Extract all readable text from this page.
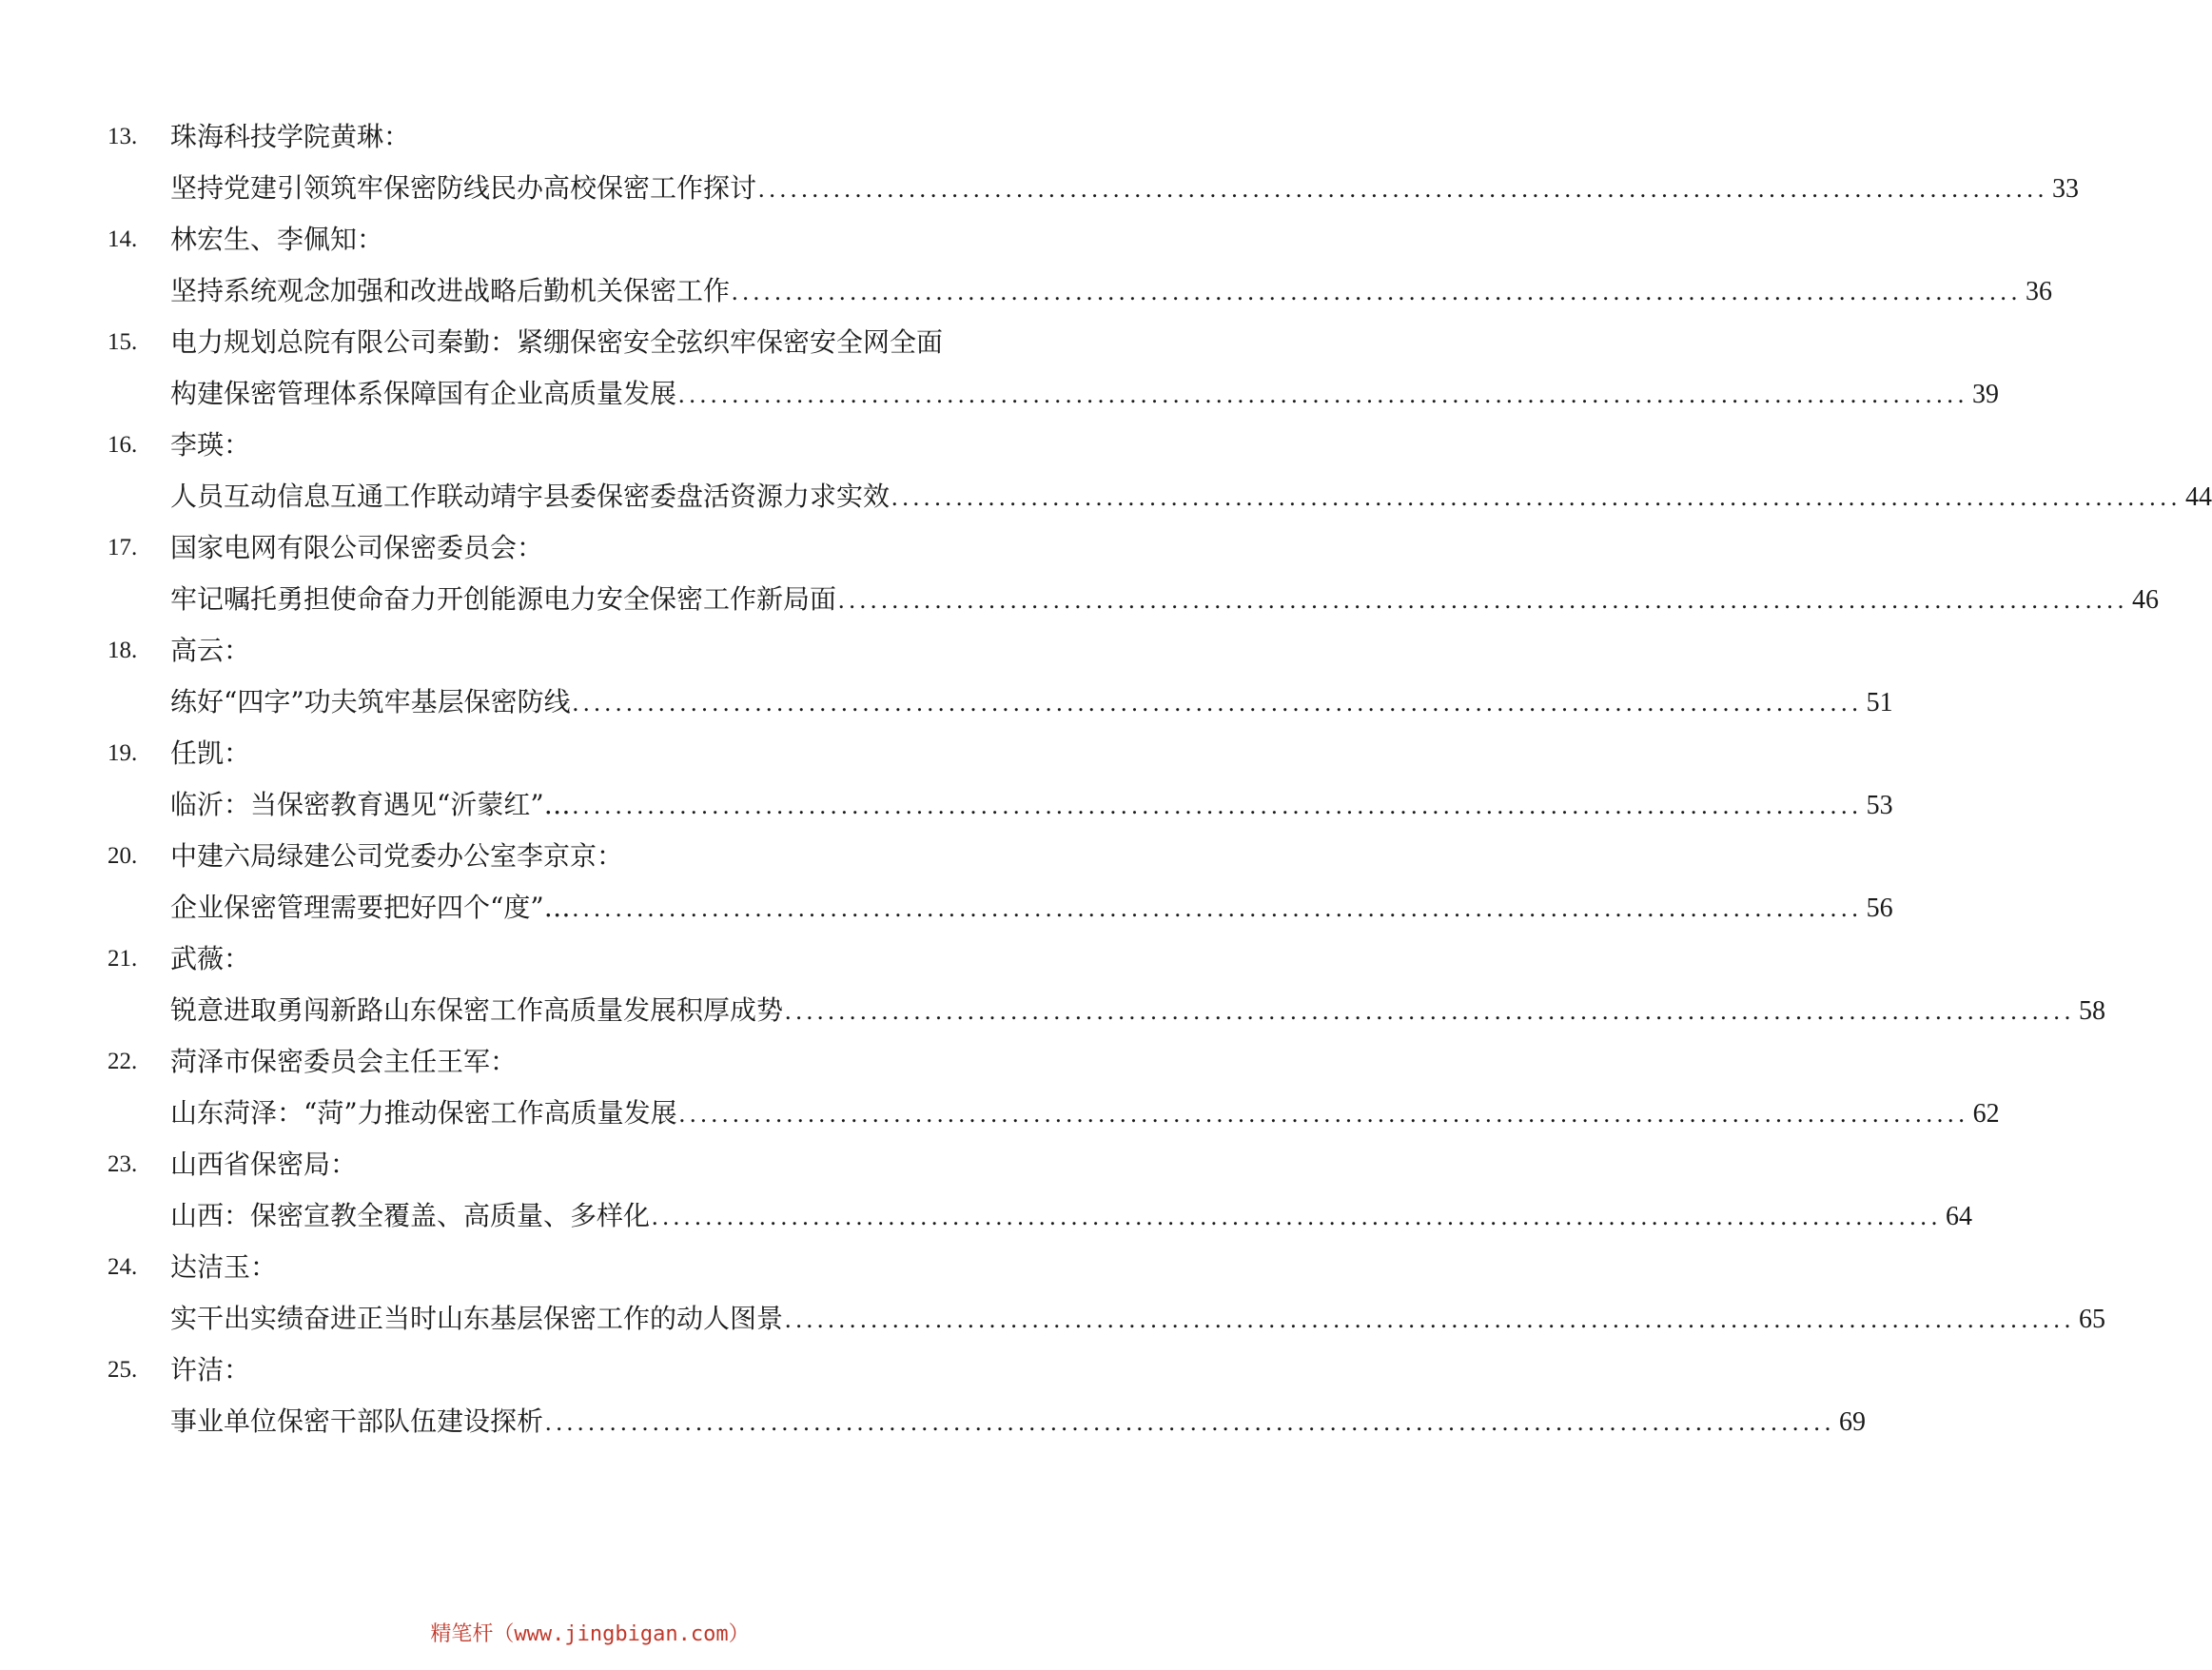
13.	珠海科技学院黄琳：
坚持党建引领筑牢保密防线民办高校保密工作探讨 ........................................................................................................................ 33
14.	林宏生、李佩知：
坚持系统观念加强和改进战略后勤机关保密工作 ........................................................................................................................ 36
15.	电力规划总院有限公司秦勤：紧绷保密安全弦织牢保密安全网全面
构建保密管理体系保障国有企业高质量发展 ........................................................................................................................ 39
16.	李瑛：
人员互动信息互通工作联动靖宇县委保密委盘活资源力求实效 ........................................................................................................................ 44
17.	国家电网有限公司保密委员会：
牢记嘱托勇担使命奋力开创能源电力安全保密工作新局面 ........................................................................................................................ 46
18.	高云：
练好“四字”功夫筑牢基层保密防线 ........................................................................................................................ 51
19.	任凯：
临沂：当保密教育遇见“沂蒙红”… ........................................................................................................................ 53
20.	中建六局绿建公司党委办公室李京京：
企业保密管理需要把好四个“度”… ........................................................................................................................ 56
21.	武薇：
锐意进取勇闯新路山东保密工作高质量发展积厚成势 ........................................................................................................................ 58
22.	菏泽市保密委员会主任王军：
山东菏泽：“菏”力推动保密工作高质量发展 ........................................................................................................................ 62
23.	山西省保密局：
山西：保密宣教全覆盖、高质量、多样化 ........................................................................................................................ 64
24.	达洁玉：
实干出实绩奋进正当时山东基层保密工作的动人图景 ........................................................................................................................ 65
25.	许洁：
事业单位保密干部队伍建设探析 ........................................................................................................................ 69
精笔杆（www.jingbigan.com）
